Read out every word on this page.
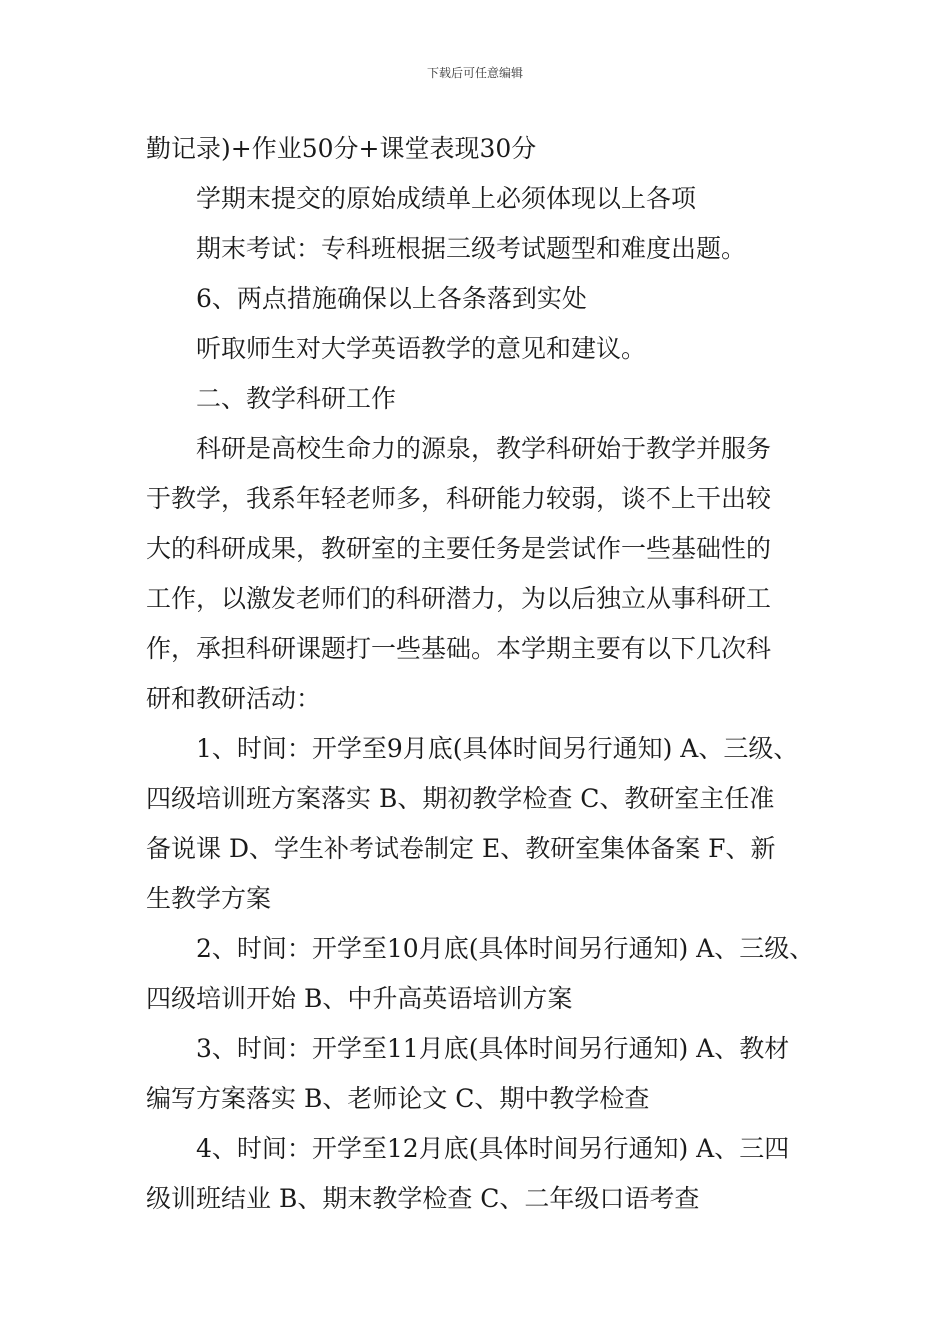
下载后可任意编辑
勤记录)+作业50分+课堂表现30分
学期末提交的原始成绩单上必须体现以上各项
期末考试：专科班根据三级考试题型和难度出题。
6、两点措施确保以上各条落到实处
听取师生对大学英语教学的意见和建议。
二、教学科研工作
科研是高校生命力的源泉，教学科研始于教学并服务
于教学，我系年轻老师多，科研能力较弱，谈不上干出较
大的科研成果，教研室的主要任务是尝试作一些基础性的
工作，以激发老师们的科研潜力，为以后独立从事科研工
作，承担科研课题打一些基础。本学期主要有以下几次科
研和教研活动：
1、时间：开学至9月底(具体时间另行通知) A、三级、
四级培训班方案落实 B、期初教学检查 C、教研室主任准
备说课 D、学生补考试卷制定 E、教研室集体备案 F、新
生教学方案
2、时间：开学至10月底(具体时间另行通知) A、三级、
四级培训开始 B、中升高英语培训方案
3、时间：开学至11月底(具体时间另行通知) A、教材
编写方案落实 B、老师论文 C、期中教学检查
4、时间：开学至12月底(具体时间另行通知) A、三四
级训班结业 B、期末教学检查 C、二年级口语考查
